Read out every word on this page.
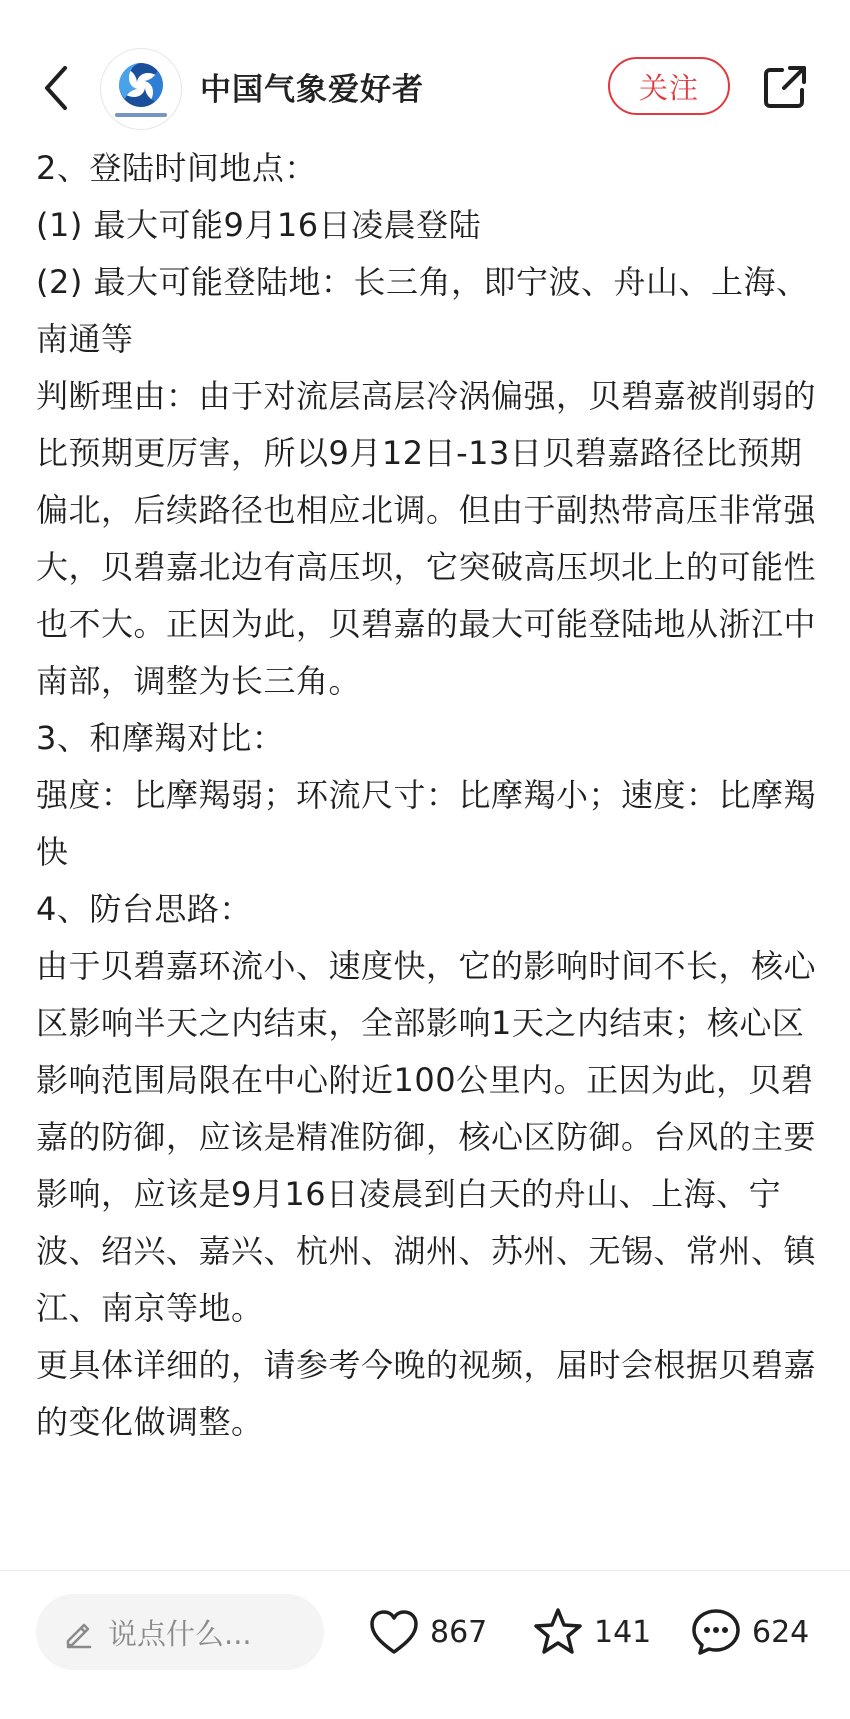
中国气象爱好者	关注

2、登陆时间地点：

(1) 最大可能9月16日凌晨登陆

(2) 最大可能登陆地：长三角，即宁波、舟山、上海、南通等

判断理由：由于对流层高层冷涡偏强，贝碧嘉被削弱的比预期更厉害，所以9月12日-13日贝碧嘉路径比预期偏北，后续路径也相应北调。但由于副热带高压非常强大，贝碧嘉北边有高压坝，它突破高压坝北上的可能性也不大。正因为此，贝碧嘉的最大可能登陆地从浙江中南部，调整为长三角。

3、和摩羯对比：

强度：比摩羯弱；环流尺寸：比摩羯小；速度：比摩羯快

4、防台思路：

由于贝碧嘉环流小、速度快，它的影响时间不长，核心区影响半天之内结束，全部影响1天之内结束；核心区影响范围局限在中心附近100公里内。正因为此，贝碧嘉的防御，应该是精准防御，核心区防御。台风的主要影响，应该是9月16日凌晨到白天的舟山、上海、宁波、绍兴、嘉兴、杭州、湖州、苏州、无锡、常州、镇江、南京等地。

更具体详细的，请参考今晚的视频，届时会根据贝碧嘉的变化做调整。

说点什么...	867	141	624
